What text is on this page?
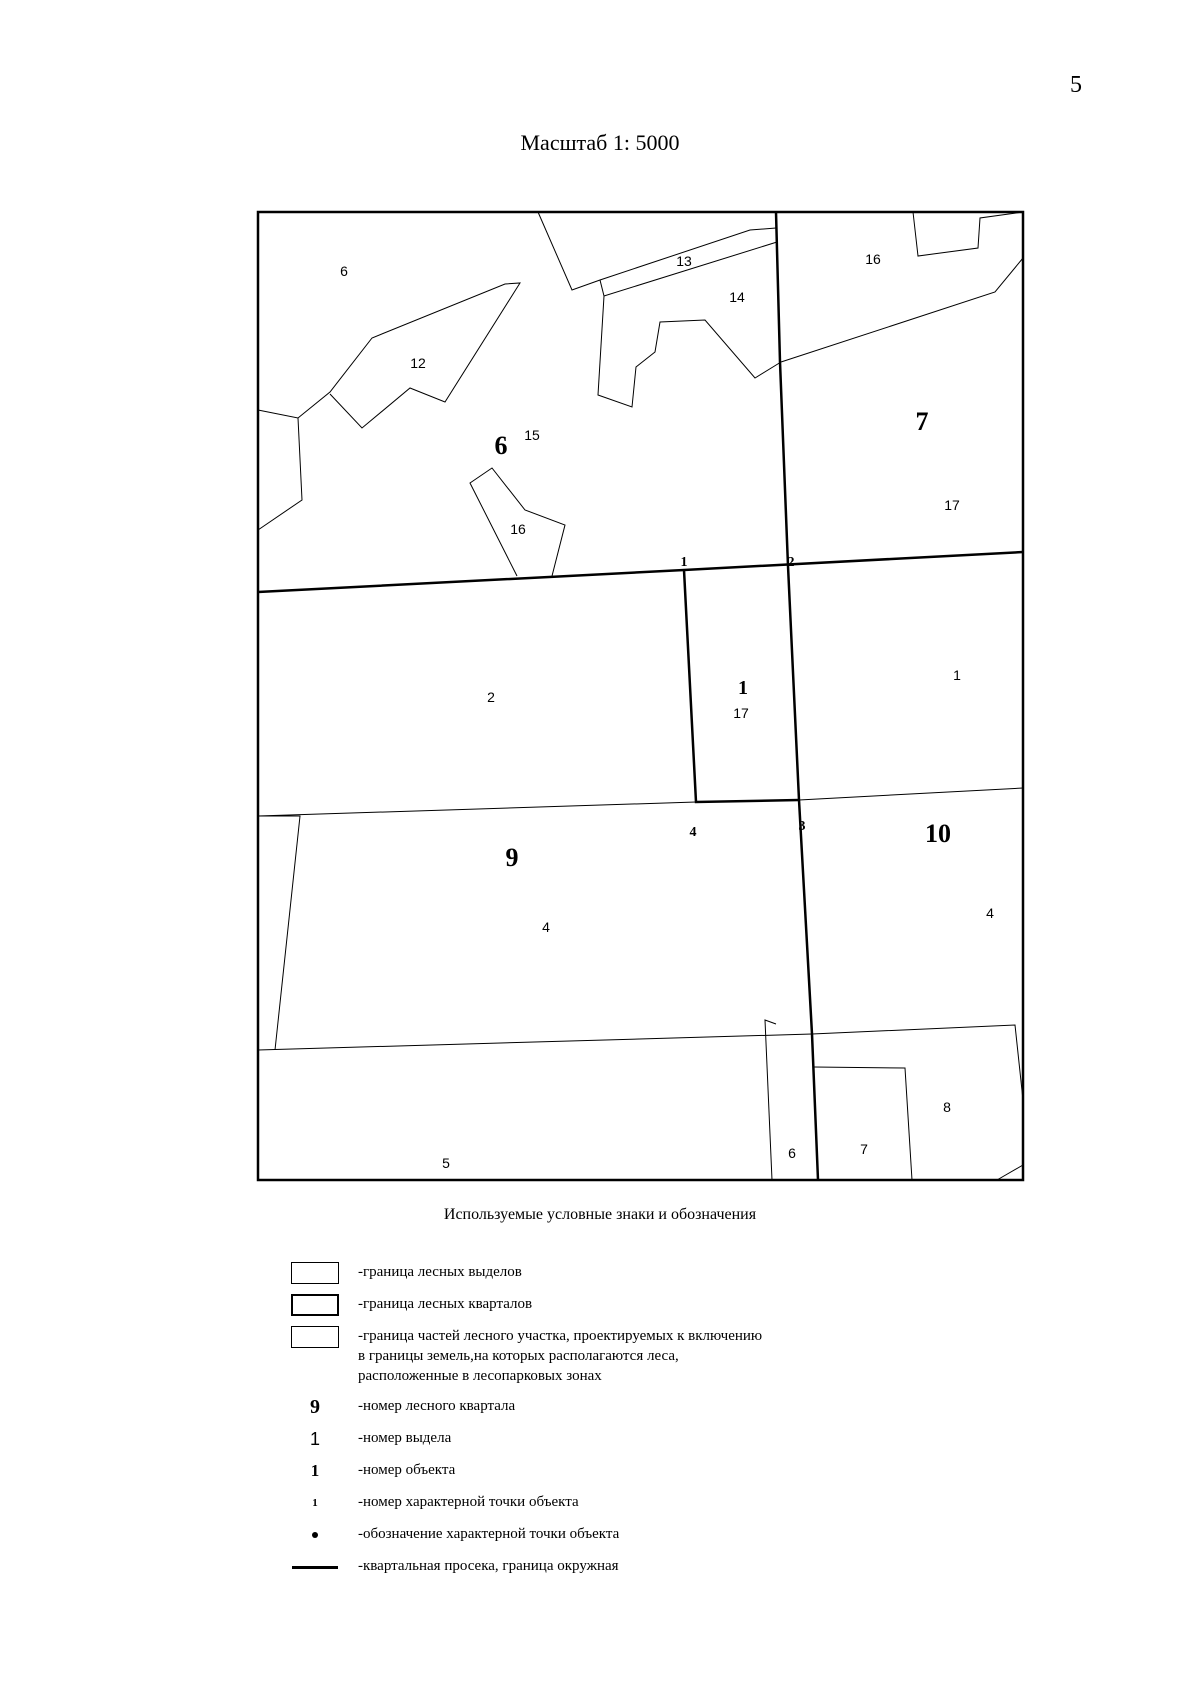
5
Масштаб 1: 5000
6
12
13
14
15
16
16
17
2
1
17
4
4
5
6	7
8
6
7
9
10
1
1	2
3
4
Используемые условные знаки и обозначения
-граница лесных выделов
-граница лесных кварталов
-граница частей лесного участка, проектируемых к включению
в границы земель,на которых располагаются леса,
расположенные в лесопарковых зонах
9	-номер лесного квартала
1	-номер выдела
1	-номер объекта
1	-номер характерной точки объекта
-обозначение характерной точки объекта
-квартальная просека, граница окружная
